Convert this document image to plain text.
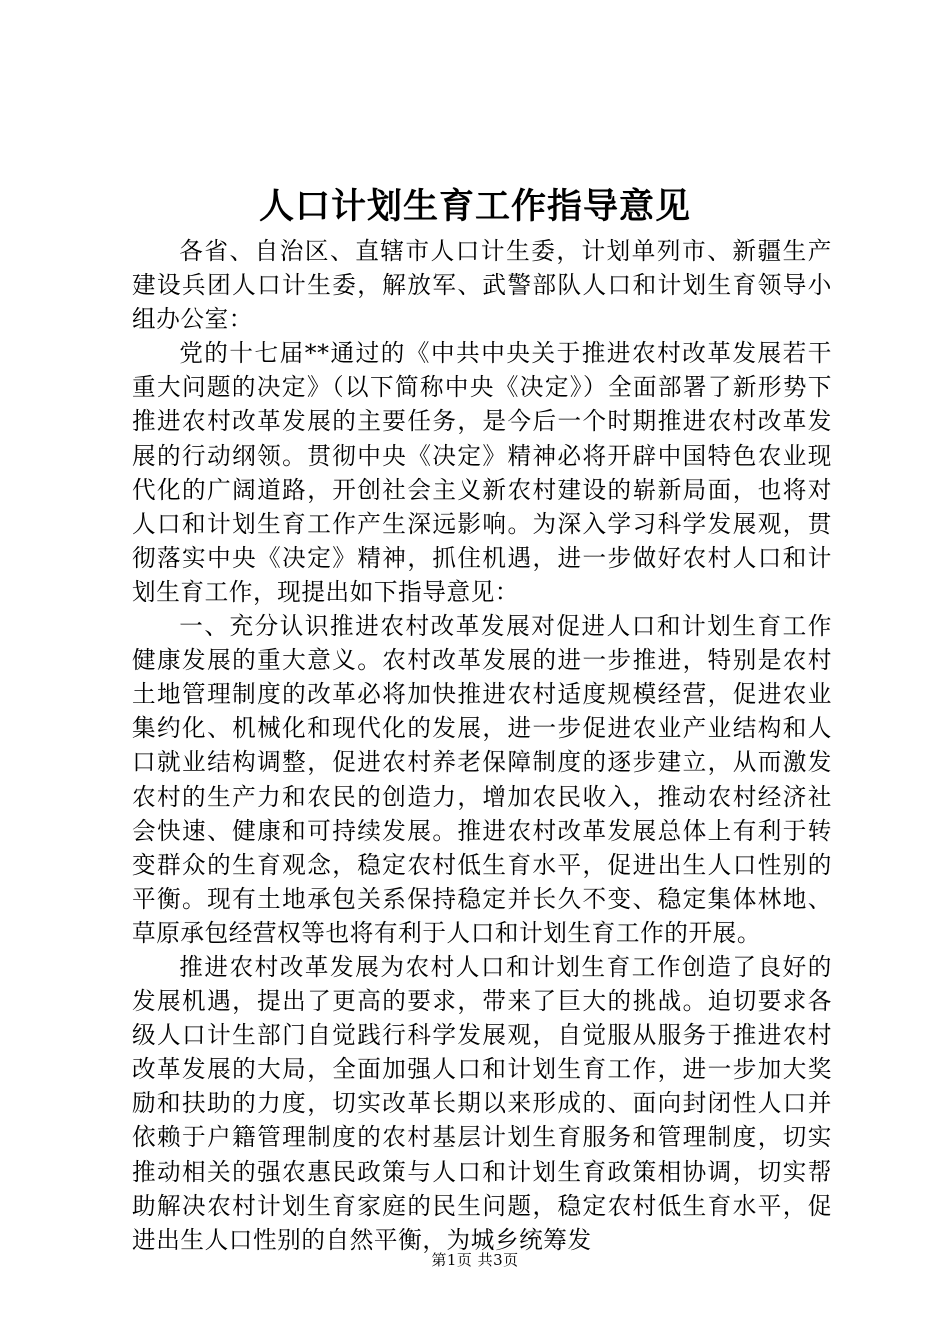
人口计划生育工作指导意见

各省、自治区、直辖市人口计生委，计划单列市、新疆生产建设兵团人口计生委，解放军、武警部队人口和计划生育领导小组办公室：

党的十七届**通过的《中共中央关于推进农村改革发展若干重大问题的决定》（以下简称中央《决定》）全面部署了新形势下推进农村改革发展的主要任务，是今后一个时期推进农村改革发展的行动纲领。贯彻中央《决定》精神必将开辟中国特色农业现代化的广阔道路，开创社会主义新农村建设的崭新局面，也将对人口和计划生育工作产生深远影响。为深入学习科学发展观，贯彻落实中央《决定》精神，抓住机遇，进一步做好农村人口和计划生育工作，现提出如下指导意见：

一、充分认识推进农村改革发展对促进人口和计划生育工作健康发展的重大意义。农村改革发展的进一步推进，特别是农村土地管理制度的改革必将加快推进农村适度规模经营，促进农业集约化、机械化和现代化的发展，进一步促进农业产业结构和人口就业结构调整，促进农村养老保障制度的逐步建立，从而激发农村的生产力和农民的创造力，增加农民收入，推动农村经济社会快速、健康和可持续发展。推进农村改革发展总体上有利于转变群众的生育观念，稳定农村低生育水平，促进出生人口性别的平衡。现有土地承包关系保持稳定并长久不变、稳定集体林地、草原承包经营权等也将有利于人口和计划生育工作的开展。

推进农村改革发展为农村人口和计划生育工作创造了良好的发展机遇，提出了更高的要求，带来了巨大的挑战。迫切要求各级人口计生部门自觉践行科学发展观，自觉服从服务于推进农村改革发展的大局，全面加强人口和计划生育工作，进一步加大奖励和扶助的力度，切实改革长期以来形成的、面向封闭性人口并依赖于户籍管理制度的农村基层计划生育服务和管理制度，切实推动相关的强农惠民政策与人口和计划生育政策相协调，切实帮助解决农村计划生育家庭的民生问题，稳定农村低生育水平，促进出生人口性别的自然平衡，为城乡统筹发

第1页 共3页
